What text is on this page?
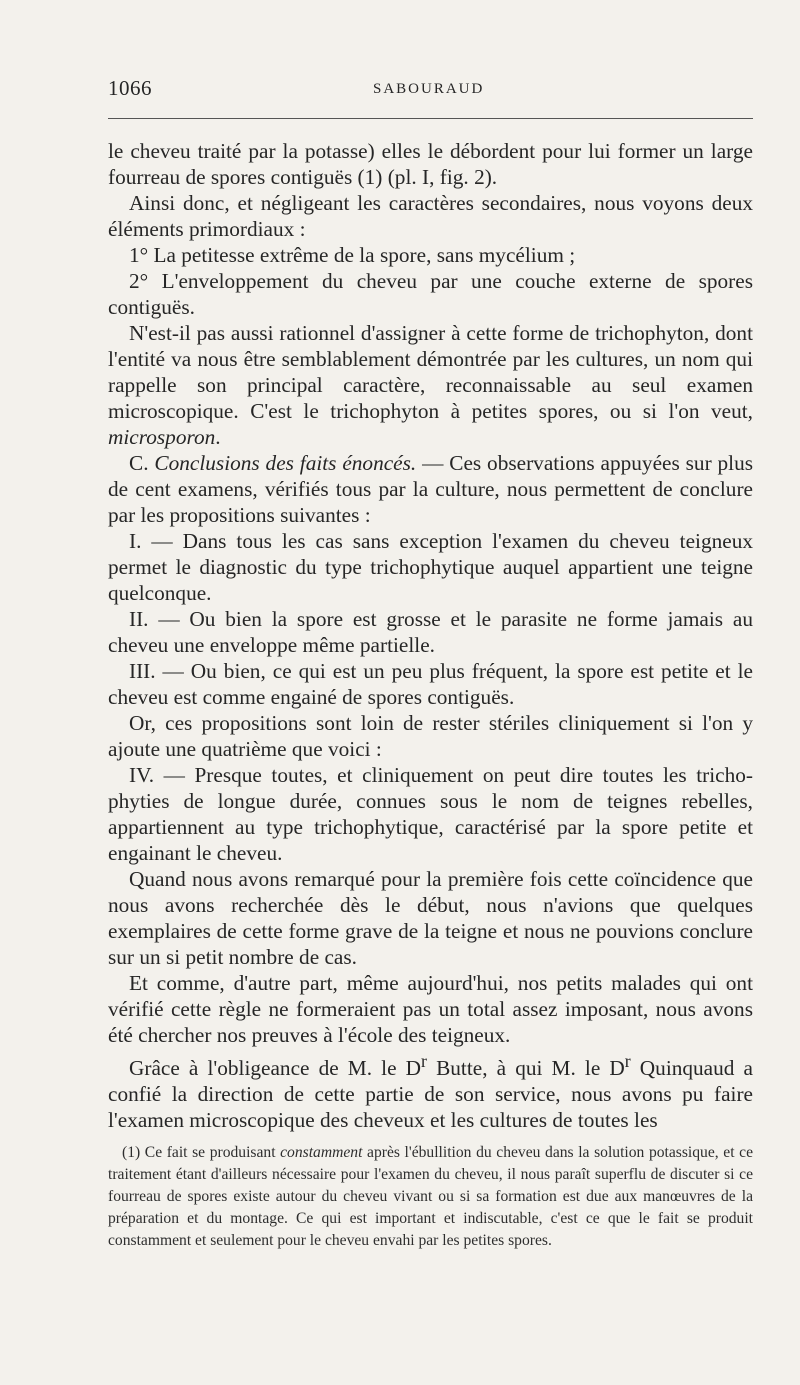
1066	SABOURAUD

le cheveu traité par la potasse) elles le débordent pour lui former un large fourreau de spores contiguës (1) (pl. I, fig. 2).

Ainsi donc, et négligeant les caractères secondaires, nous voyons deux éléments primordiaux :

1° La petitesse extrême de la spore, sans mycélium ;

2° L'enveloppement du cheveu par une couche externe de spores contiguës.

N'est-il pas aussi rationnel d'assigner à cette forme de trichophyton, dont l'entité va nous être semblablement démontrée par les cultures, un nom qui rappelle son principal caractère, reconnaissable au seul examen microscopique. C'est le trichophyton à petites spores, ou si l'on veut, microsporon.

C. Conclusions des faits énoncés. — Ces observations appuyées sur plus de cent examens, vérifiés tous par la culture, nous permettent de conclure par les propositions suivantes :

I. — Dans tous les cas sans exception l'examen du cheveu teigneux permet le diagnostic du type trichophytique auquel appartient une teigne quelconque.

II. — Ou bien la spore est grosse et le parasite ne forme jamais au cheveu une enveloppe même partielle.

III. — Ou bien, ce qui est un peu plus fréquent, la spore est petite et le cheveu est comme engainé de spores contiguës.

Or, ces propositions sont loin de rester stériles cliniquement si l'on y ajoute une quatrième que voici :

IV. — Presque toutes, et cliniquement on peut dire toutes les tricho-phyties de longue durée, connues sous le nom de teignes rebelles, appartiennent au type trichophytique, caractérisé par la spore petite et engainant le cheveu.

Quand nous avons remarqué pour la première fois cette coïncidence que nous avons recherchée dès le début, nous n'avions que quelques exemplaires de cette forme grave de la teigne et nous ne pouvions conclure sur un si petit nombre de cas.

Et comme, d'autre part, même aujourd'hui, nos petits malades qui ont vérifié cette règle ne formeraient pas un total assez imposant, nous avons été chercher nos preuves à l'école des teigneux.

Grâce à l'obligeance de M. le $D^r$ Butte, à qui M. le $D^r$ Quinquaud a confié la direction de cette partie de son service, nous avons pu faire l'examen microscopique des cheveux et les cultures de toutes les

(1) Ce fait se produisant constamment après l'ébullition du cheveu dans la solution potassique, et ce traitement étant d'ailleurs nécessaire pour l'examen du cheveu, il nous paraît superflu de discuter si ce fourreau de spores existe autour du cheveu vivant ou si sa formation est due aux manœuvres de la préparation et du montage. Ce qui est important et indiscutable, c'est ce que le fait se produit constamment et seulement pour le cheveu envahi par les petites spores.
